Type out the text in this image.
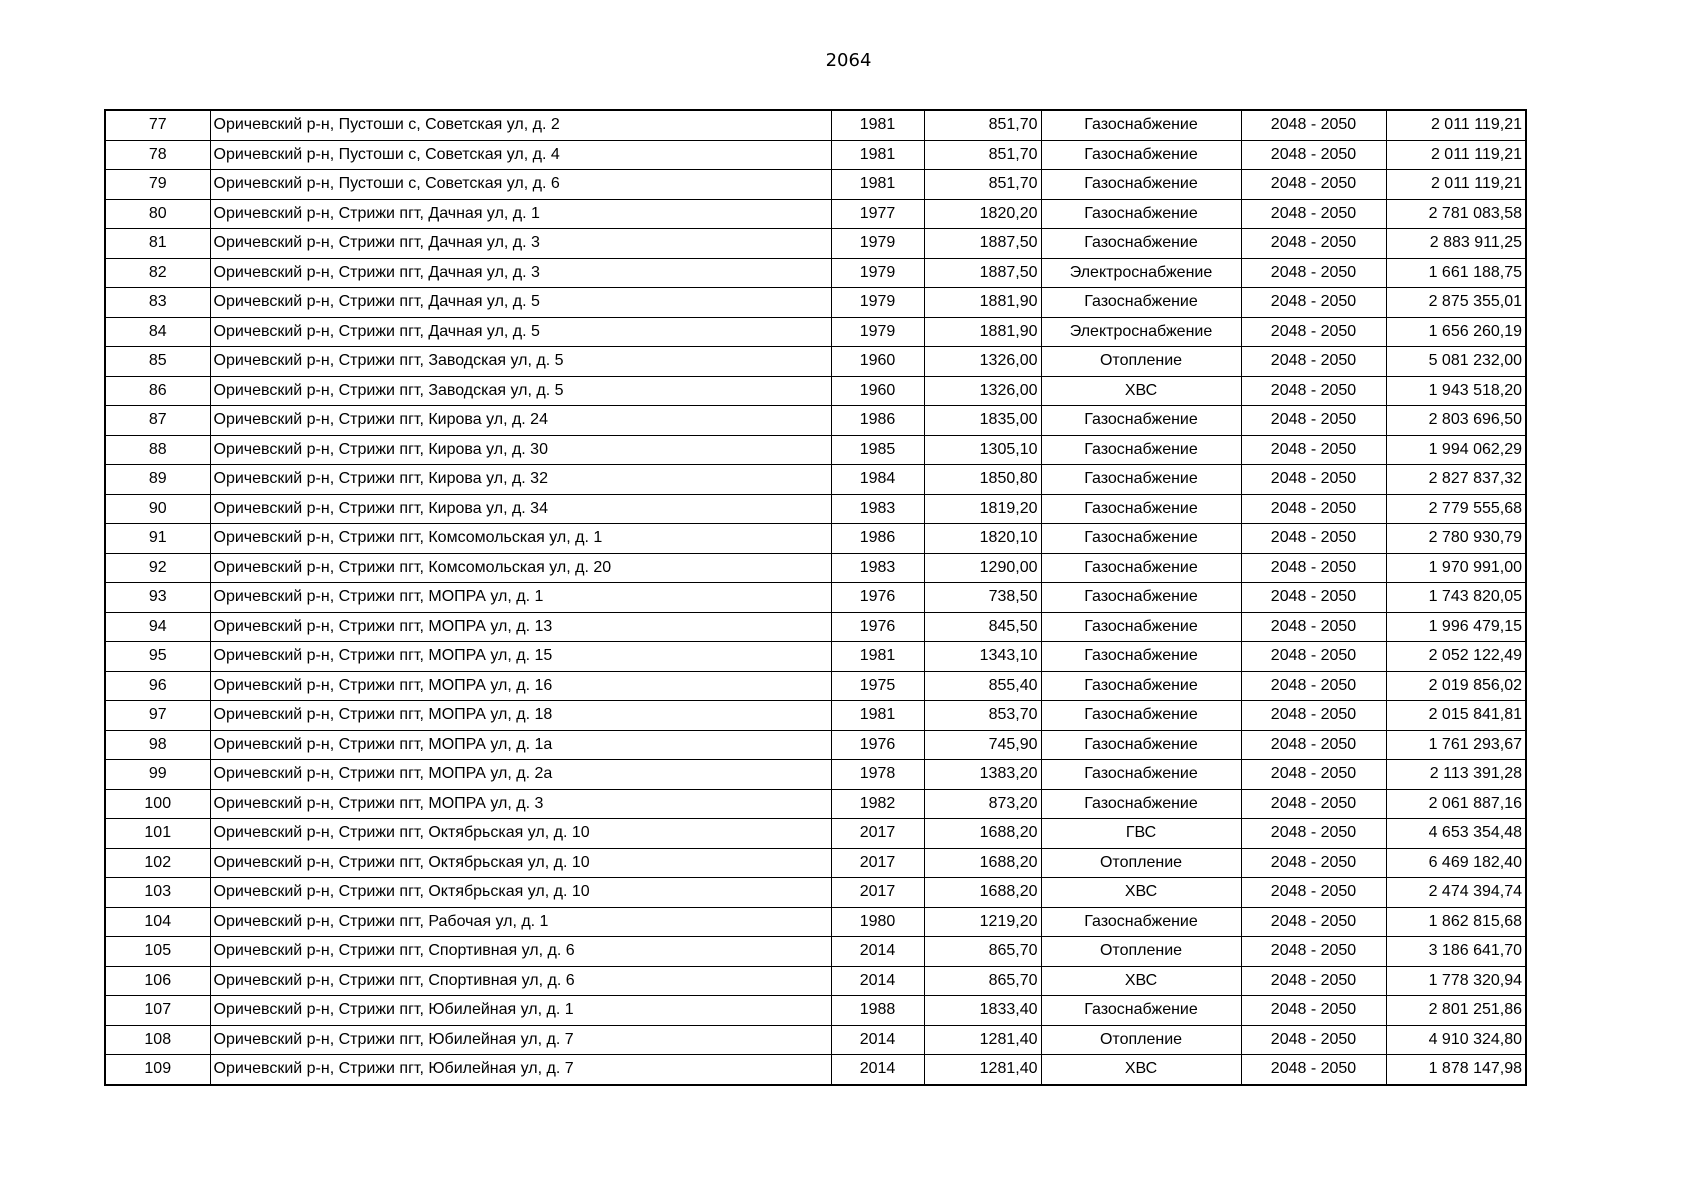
2064
77	Оричевский р-н, Пустоши с, Советская ул, д. 2	1981	851,70	Газоснабжение	2048 - 2050	2 011 119,21
78	Оричевский р-н, Пустоши с, Советская ул, д. 4	1981	851,70	Газоснабжение	2048 - 2050	2 011 119,21
79	Оричевский р-н, Пустоши с, Советская ул, д. 6	1981	851,70	Газоснабжение	2048 - 2050	2 011 119,21
80	Оричевский р-н, Стрижи пгт, Дачная ул, д. 1	1977	1820,20	Газоснабжение	2048 - 2050	2 781 083,58
81	Оричевский р-н, Стрижи пгт, Дачная ул, д. 3	1979	1887,50	Газоснабжение	2048 - 2050	2 883 911,25
82	Оричевский р-н, Стрижи пгт, Дачная ул, д. 3	1979	1887,50	Электроснабжение	2048 - 2050	1 661 188,75
83	Оричевский р-н, Стрижи пгт, Дачная ул, д. 5	1979	1881,90	Газоснабжение	2048 - 2050	2 875 355,01
84	Оричевский р-н, Стрижи пгт, Дачная ул, д. 5	1979	1881,90	Электроснабжение	2048 - 2050	1 656 260,19
85	Оричевский р-н, Стрижи пгт, Заводская ул, д. 5	1960	1326,00	Отопление	2048 - 2050	5 081 232,00
86	Оричевский р-н, Стрижи пгт, Заводская ул, д. 5	1960	1326,00	ХВС	2048 - 2050	1 943 518,20
87	Оричевский р-н, Стрижи пгт, Кирова ул, д. 24	1986	1835,00	Газоснабжение	2048 - 2050	2 803 696,50
88	Оричевский р-н, Стрижи пгт, Кирова ул, д. 30	1985	1305,10	Газоснабжение	2048 - 2050	1 994 062,29
89	Оричевский р-н, Стрижи пгт, Кирова ул, д. 32	1984	1850,80	Газоснабжение	2048 - 2050	2 827 837,32
90	Оричевский р-н, Стрижи пгт, Кирова ул, д. 34	1983	1819,20	Газоснабжение	2048 - 2050	2 779 555,68
91	Оричевский р-н, Стрижи пгт, Комсомольская ул, д. 1	1986	1820,10	Газоснабжение	2048 - 2050	2 780 930,79
92	Оричевский р-н, Стрижи пгт, Комсомольская ул, д. 20	1983	1290,00	Газоснабжение	2048 - 2050	1 970 991,00
93	Оричевский р-н, Стрижи пгт, МОПРА ул, д. 1	1976	738,50	Газоснабжение	2048 - 2050	1 743 820,05
94	Оричевский р-н, Стрижи пгт, МОПРА ул, д. 13	1976	845,50	Газоснабжение	2048 - 2050	1 996 479,15
95	Оричевский р-н, Стрижи пгт, МОПРА ул, д. 15	1981	1343,10	Газоснабжение	2048 - 2050	2 052 122,49
96	Оричевский р-н, Стрижи пгт, МОПРА ул, д. 16	1975	855,40	Газоснабжение	2048 - 2050	2 019 856,02
97	Оричевский р-н, Стрижи пгт, МОПРА ул, д. 18	1981	853,70	Газоснабжение	2048 - 2050	2 015 841,81
98	Оричевский р-н, Стрижи пгт, МОПРА ул, д. 1а	1976	745,90	Газоснабжение	2048 - 2050	1 761 293,67
99	Оричевский р-н, Стрижи пгт, МОПРА ул, д. 2а	1978	1383,20	Газоснабжение	2048 - 2050	2 113 391,28
100	Оричевский р-н, Стрижи пгт, МОПРА ул, д. 3	1982	873,20	Газоснабжение	2048 - 2050	2 061 887,16
101	Оричевский р-н, Стрижи пгт, Октябрьская ул, д. 10	2017	1688,20	ГВС	2048 - 2050	4 653 354,48
102	Оричевский р-н, Стрижи пгт, Октябрьская ул, д. 10	2017	1688,20	Отопление	2048 - 2050	6 469 182,40
103	Оричевский р-н, Стрижи пгт, Октябрьская ул, д. 10	2017	1688,20	ХВС	2048 - 2050	2 474 394,74
104	Оричевский р-н, Стрижи пгт, Рабочая ул, д. 1	1980	1219,20	Газоснабжение	2048 - 2050	1 862 815,68
105	Оричевский р-н, Стрижи пгт, Спортивная ул, д. 6	2014	865,70	Отопление	2048 - 2050	3 186 641,70
106	Оричевский р-н, Стрижи пгт, Спортивная ул, д. 6	2014	865,70	ХВС	2048 - 2050	1 778 320,94
107	Оричевский р-н, Стрижи пгт, Юбилейная ул, д. 1	1988	1833,40	Газоснабжение	2048 - 2050	2 801 251,86
108	Оричевский р-н, Стрижи пгт, Юбилейная ул, д. 7	2014	1281,40	Отопление	2048 - 2050	4 910 324,80
109	Оричевский р-н, Стрижи пгт, Юбилейная ул, д. 7	2014	1281,40	ХВС	2048 - 2050	1 878 147,98
